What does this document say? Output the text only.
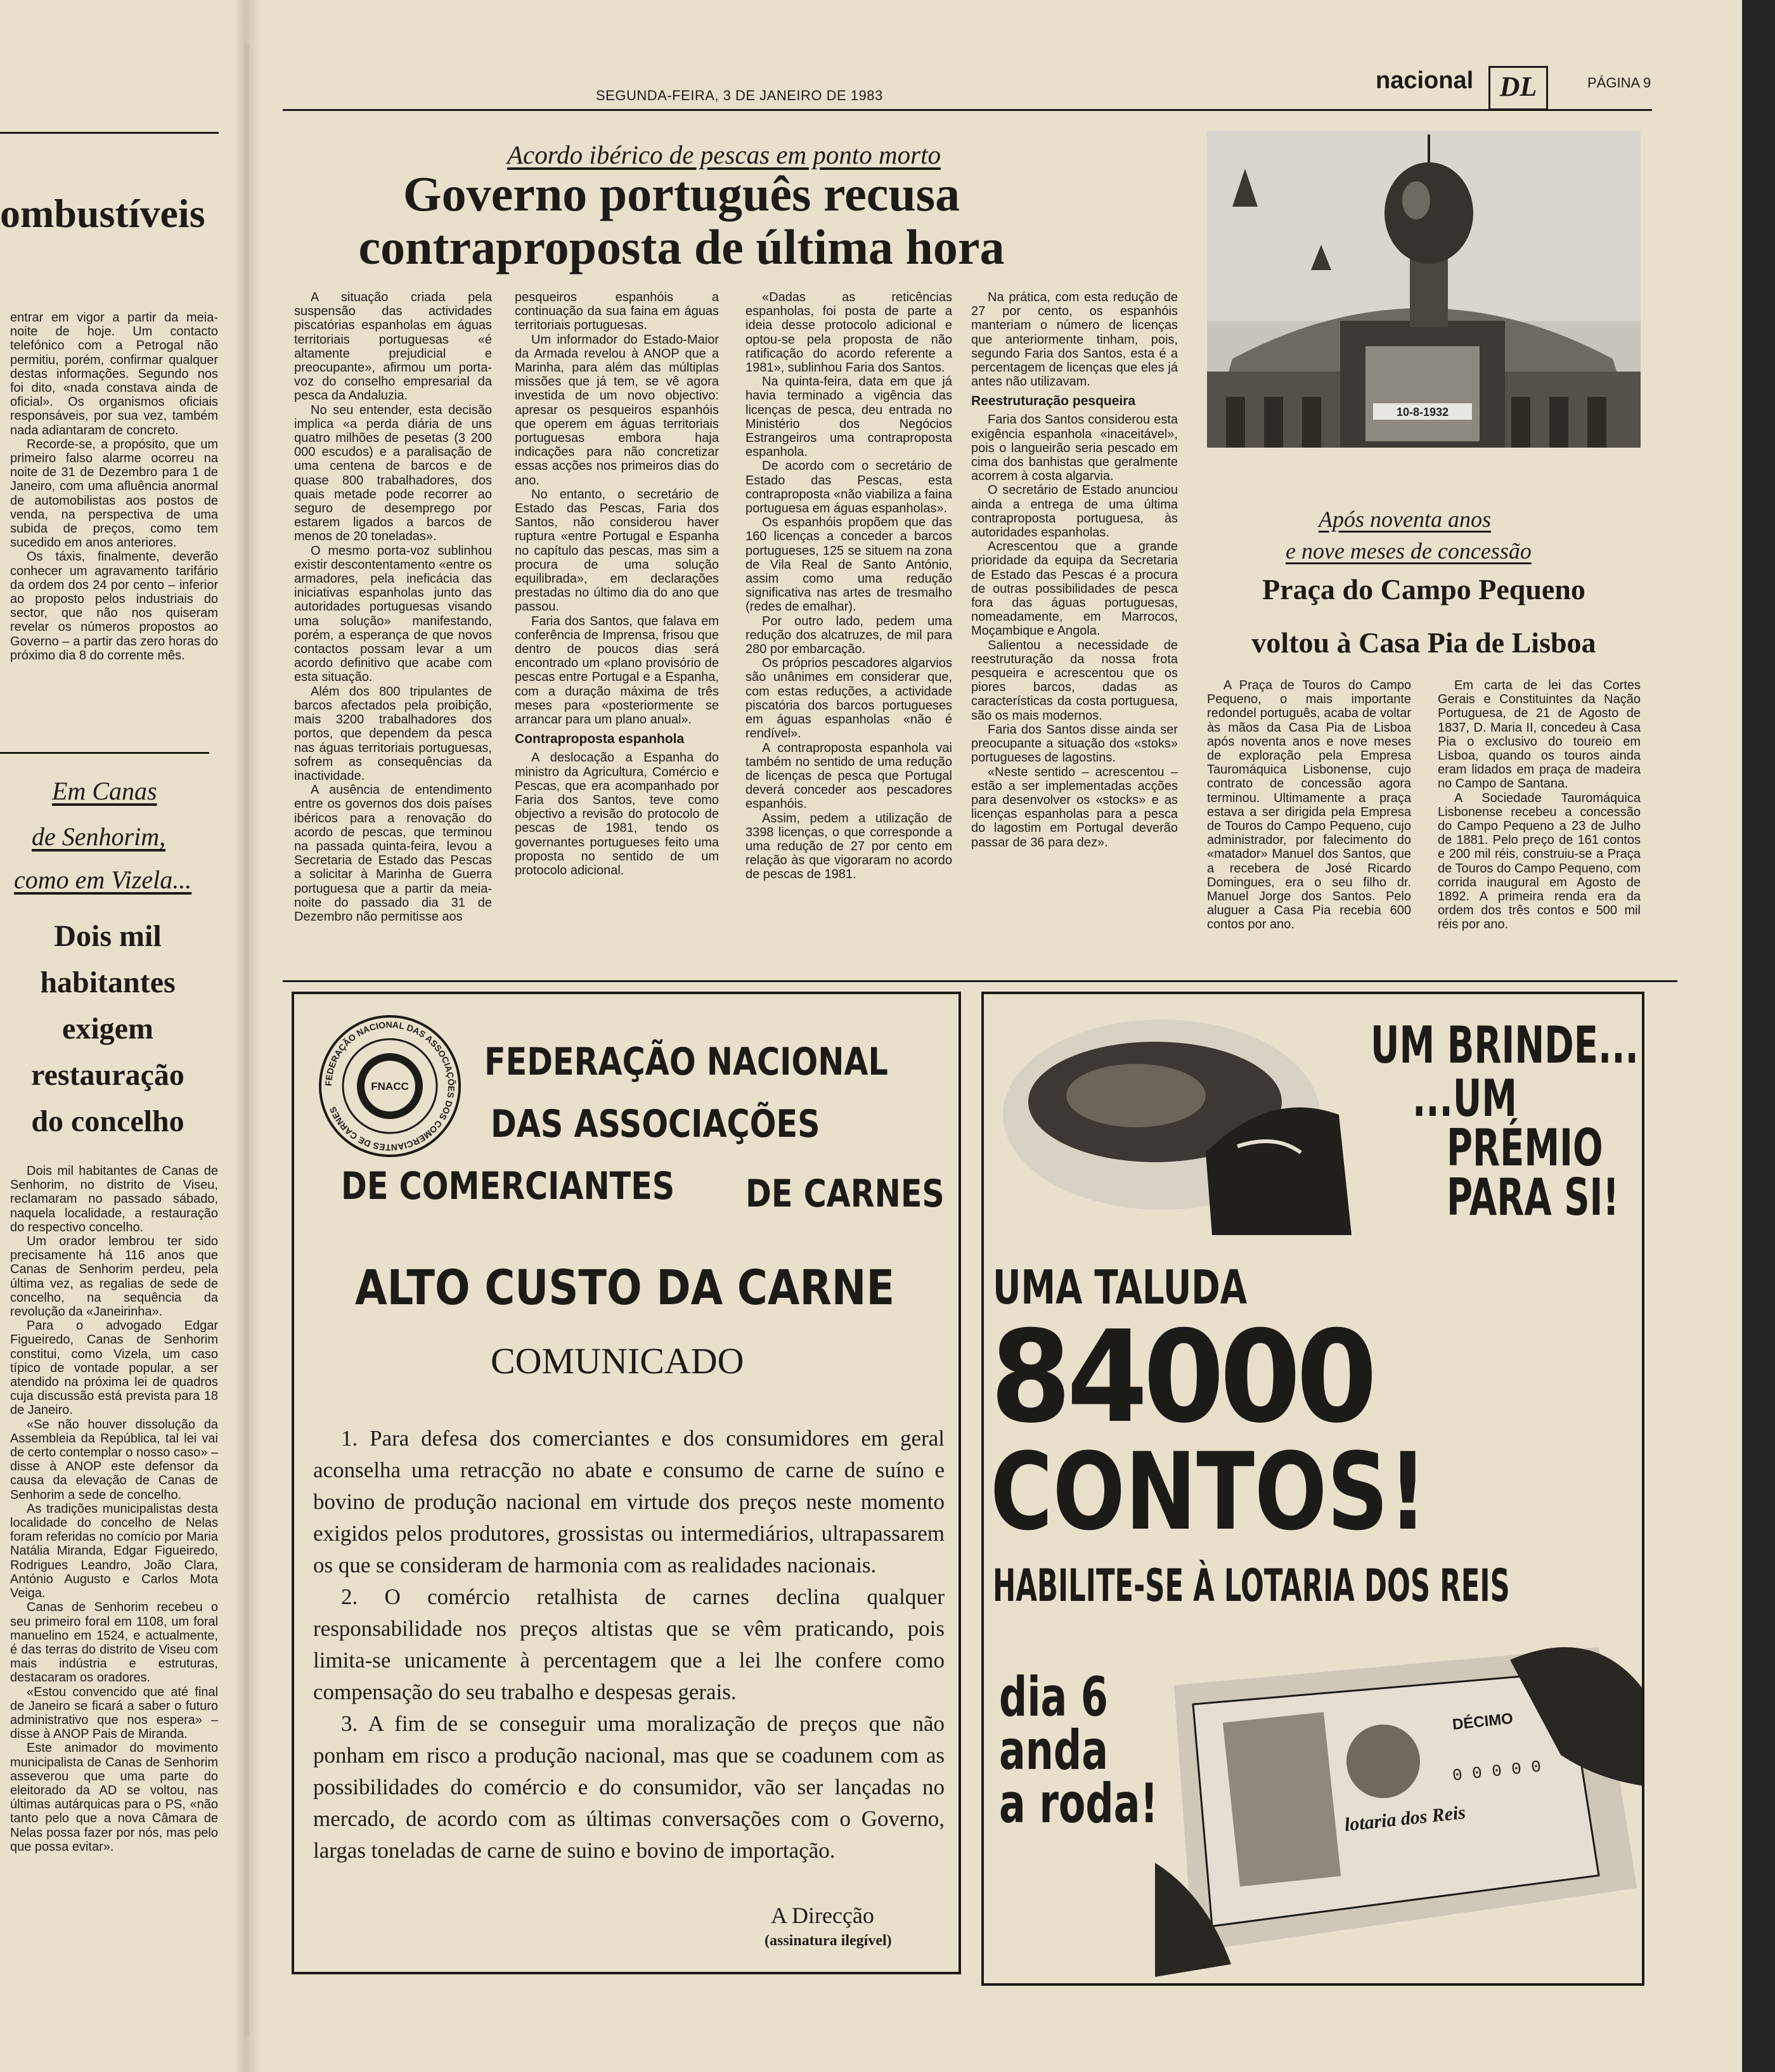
SEGUNDA-FEIRA, 3 DE JANEIRO DE 1983
nacional DL	PÁGINA 9
ombustíveis

entrar em vigor a partir da meia-noite de hoje. Um contacto telefónico com a Petrogal não permitiu, porém, confirmar qualquer destas informações. Segundo nos foi dito, «nada constava ainda de oficial». Os organismos oficiais responsáveis, por sua vez, também nada adiantaram de concreto.

Recorde-se, a propósito, que um primeiro falso alarme ocorreu na noite de 31 de Dezembro para 1 de Janeiro, com uma afluência anormal de automobilistas aos postos de venda, na perspectiva de uma subida de preços, como tem sucedido em anos anteriores.

Os táxis, finalmente, deverão conhecer um agravamento tarifário da ordem dos 24 por cento – inferior ao proposto pelos industriais do sector, que não nos quiseram revelar os números propostos ao Governo – a partir das zero horas do próximo dia 8 do corrente mês.

Em Canas
de Senhorim,
como em Vizela...
Dois mil
habitantes
exigem
restauração
do concelho

Dois mil habitantes de Canas de Senhorim, no distrito de Viseu, reclamaram no passado sábado, naquela localidade, a restauração do respectivo concelho.

Um orador lembrou ter sido precisamente há 116 anos que Canas de Senhorim perdeu, pela última vez, as regalias de sede de concelho, na sequência da revolução da «Janeirinha».

Para o advogado Edgar Figueiredo, Canas de Senhorim constitui, como Vizela, um caso típico de vontade popular, a ser atendido na próxima lei de quadros cuja discussão está prevista para 18 de Janeiro.

«Se não houver dissolução da Assembleia da República, tal lei vai de certo contemplar o nosso caso» – disse à ANOP este defensor da causa da elevação de Canas de Senhorim a sede de concelho.

As tradições municipalistas desta localidade do concelho de Nelas foram referidas no comício por Maria Natália Miranda, Edgar Figueiredo, Rodrigues Leandro, João Clara, António Augusto e Carlos Mota Veiga.

Canas de Senhorim recebeu o seu primeiro foral em 1108, um foral manuelino em 1524, e actualmente, é das terras do distrito de Viseu com mais indústria e estruturas, destacaram os oradores.

«Estou convencido que até final de Janeiro se ficará a saber o futuro administrativo que nos espera» – disse à ANOP Pais de Miranda.

Este animador do movimento municipalista de Canas de Senhorim asseverou que uma parte do eleitorado da AD se voltou, nas últimas autárquicas para o PS, «não tanto pelo que a nova Câmara de Nelas possa fazer por nós, mas pelo que possa evitar».

Acordo ibérico de pescas em ponto morto
Governo português recusa
contraproposta de última hora

A situação criada pela suspensão das actividades piscatórias espanholas em águas territoriais portuguesas «é altamente prejudicial e preocupante», afirmou um porta-voz do conselho empresarial da pesca da Andaluzia.

No seu entender, esta decisão implica «a perda diária de uns quatro milhões de pesetas (3 200 000 escudos) e a paralisação de uma centena de barcos e de quase 800 trabalhadores, dos quais metade pode recorrer ao seguro de desemprego por estarem ligados a barcos de menos de 20 toneladas».

O mesmo porta-voz sublinhou existir descontentamento «entre os armadores, pela ineficácia das iniciativas espanholas junto das autoridades portuguesas visando uma solução» manifestando, porém, a esperança de que novos contactos possam levar a um acordo definitivo que acabe com esta situação.

Além dos 800 tripulantes de barcos afectados pela proibição, mais 3200 trabalhadores dos portos, que dependem da pesca nas águas territoriais portuguesas, sofrem as consequências da inactividade.

A ausência de entendimento entre os governos dos dois países ibéricos para a renovação do acordo de pescas, que terminou na passada quinta-feira, levou a Secretaria de Estado das Pescas a solicitar à Marinha de Guerra portuguesa que a partir da meia-noite do passado dia 31 de Dezembro não permitisse aos

pesqueiros espanhóis a continuação da sua faina em águas territoriais portuguesas.

Um informador do Estado-Maior da Armada revelou à ANOP que a Marinha, para além das múltiplas missões que já tem, se vê agora investida de um novo objectivo: apresar os pesqueiros espanhóis que operem em águas territoriais portuguesas embora haja indicações para não concretizar essas acções nos primeiros dias do ano.

No entanto, o secretário de Estado das Pescas, Faria dos Santos, não considerou haver ruptura «entre Portugal e Espanha no capítulo das pescas, mas sim a procura de uma solução equilibrada», em declarações prestadas no último dia do ano que passou.

Faria dos Santos, que falava em conferência de Imprensa, frisou que dentro de poucos dias será encontrado um «plano provisório de pescas entre Portugal e a Espanha, com a duração máxima de três meses para «posteriormente se arrancar para um plano anual».

Contraproposta espanhola

A deslocação a Espanha do ministro da Agricultura, Comércio e Pescas, que era acompanhado por Faria dos Santos, teve como objectivo a revisão do protocolo de pescas de 1981, tendo os governantes portugueses feito uma proposta no sentido de um protocolo adicional.

«Dadas as reticências espanholas, foi posta de parte a ideia desse protocolo adicional e optou-se pela proposta de não ratificação do acordo referente a 1981», sublinhou Faria dos Santos.

Na quinta-feira, data em que já havia terminado a vigência das licenças de pesca, deu entrada no Ministério dos Negócios Estrangeiros uma contraproposta espanhola.

De acordo com o secretário de Estado das Pescas, esta contraproposta «não viabiliza a faina portuguesa em águas espanholas».

Os espanhóis propõem que das 160 licenças a conceder a barcos portugueses, 125 se situem na zona de Vila Real de Santo António, assim como uma redução significativa nas artes de tresmalho (redes de emalhar).

Por outro lado, pedem uma redução dos alcatruzes, de mil para 280 por embarcação.

Os próprios pescadores algarvios são unânimes em considerar que, com estas reduções, a actividade piscatória dos barcos portugueses em águas espanholas «não é rendível».

A contraproposta espanhola vai também no sentido de uma redução de licenças de pesca que Portugal deverá conceder aos pescadores espanhóis.

Assim, pedem a utilização de 3398 licenças, o que corresponde a uma redução de 27 por cento em relação às que vigoraram no acordo de pescas de 1981.

Na prática, com esta redução de 27 por cento, os espanhóis manteriam o número de licenças que anteriormente tinham, pois, segundo Faria dos Santos, esta é a percentagem de licenças que eles já antes não utilizavam.

Reestruturação pesqueira

Faria dos Santos considerou esta exigência espanhola «inaceitável», pois o langueirão seria pescado em cima dos banhistas que geralmente acorrem à costa algarvia.

O secretário de Estado anunciou ainda a entrega de uma última contraproposta portuguesa, às autoridades espanholas.

Acrescentou que a grande prioridade da equipa da Secretaria de Estado das Pescas é a procura de outras possibilidades de pesca fora das águas portuguesas, nomeadamente, em Marrocos, Moçambique e Angola.

Salientou a necessidade de reestruturação da nossa frota pesqueira e acrescentou que os piores barcos, dadas as características da costa portuguesa, são os mais modernos.

Faria dos Santos disse ainda ser preocupante a situação dos «stoks» portugueses de lagostins.

«Neste sentido – acrescentou – estão a ser implementadas acções para desenvolver os «stocks» e as licenças espanholas para a pesca do lagostim em Portugal deverão passar de 36 para dez».

10-8-1932
Após noventa anos
e nove meses de concessão
Praça do Campo Pequeno
voltou à Casa Pia de Lisboa

A Praça de Touros do Campo Pequeno, o mais importante redondel português, acaba de voltar às mãos da Casa Pia de Lisboa após noventa anos e nove meses de exploração pela Empresa Tauromáquica Lisbonense, cujo contrato de concessão agora terminou. Ultimamente a praça estava a ser dirigida pela Empresa de Touros do Campo Pequeno, cujo administrador, por falecimento do «matador» Manuel dos Santos, que a recebera de José Ricardo Domingues, era o seu filho dr. Manuel Jorge dos Santos. Pelo aluguer a Casa Pia recebia 600 contos por ano.

Em carta de lei das Cortes Gerais e Constituintes da Nação Portuguesa, de 21 de Agosto de 1837, D. Maria II, concedeu à Casa Pia o exclusivo do toureio em Lisboa, quando os touros ainda eram lidados em praça de madeira no Campo de Santana.

A Sociedade Tauromáquica Lisbonense recebeu a concessão do Campo Pequeno a 23 de Julho de 1881. Pelo preço de 161 contos e 200 mil réis, construiu-se a Praça de Touros do Campo Pequeno, com corrida inaugural em Agosto de 1892. A primeira renda era da ordem dos três contos e 500 mil réis por ano.

FEDERAÇÃO NACIONAL DAS ASSOCIAÇÕES DOS COMERCIANTES DE CARNES
FNACC
FEDERAÇÃO NACIONAL
DAS ASSOCIAÇÕES
DE COMERCIANTES DE CARNES
ALTO CUSTO DA CARNE
COMUNICADO

1. Para defesa dos comerciantes e dos consumidores em geral aconselha uma retracção no abate e consumo de carne de suíno e bovino de produção nacional em virtude dos preços neste momento exigidos pelos produtores, grossistas ou intermediários, ultrapassarem os que se consideram de harmonia com as realidades nacionais.

2. O comércio retalhista de carnes declina qualquer responsabilidade nos preços altistas que se vêm praticando, pois limita-se unicamente à percentagem que a lei lhe confere como compensação do seu trabalho e despesas gerais.

3. A fim de se conseguir uma moralização de preços que não ponham em risco a produção nacional, mas que se coadunem com as possibilidades do comércio e do consumidor, vão ser lançadas no mercado, de acordo com as últimas conversações com o Governo, largas toneladas de carne de suino e bovino de importação.

A Direcção
(assinatura ilegível)
UM BRINDE...
...UM
PRÉMIO
PARA SI!
UMA TALUDA
84000
CONTOS!
HABILITE-SE À LOTARIA DOS REIS
lotaria dos Reis
DÉCIMO
0 0 0 0 0
dia 6
anda
a roda!
